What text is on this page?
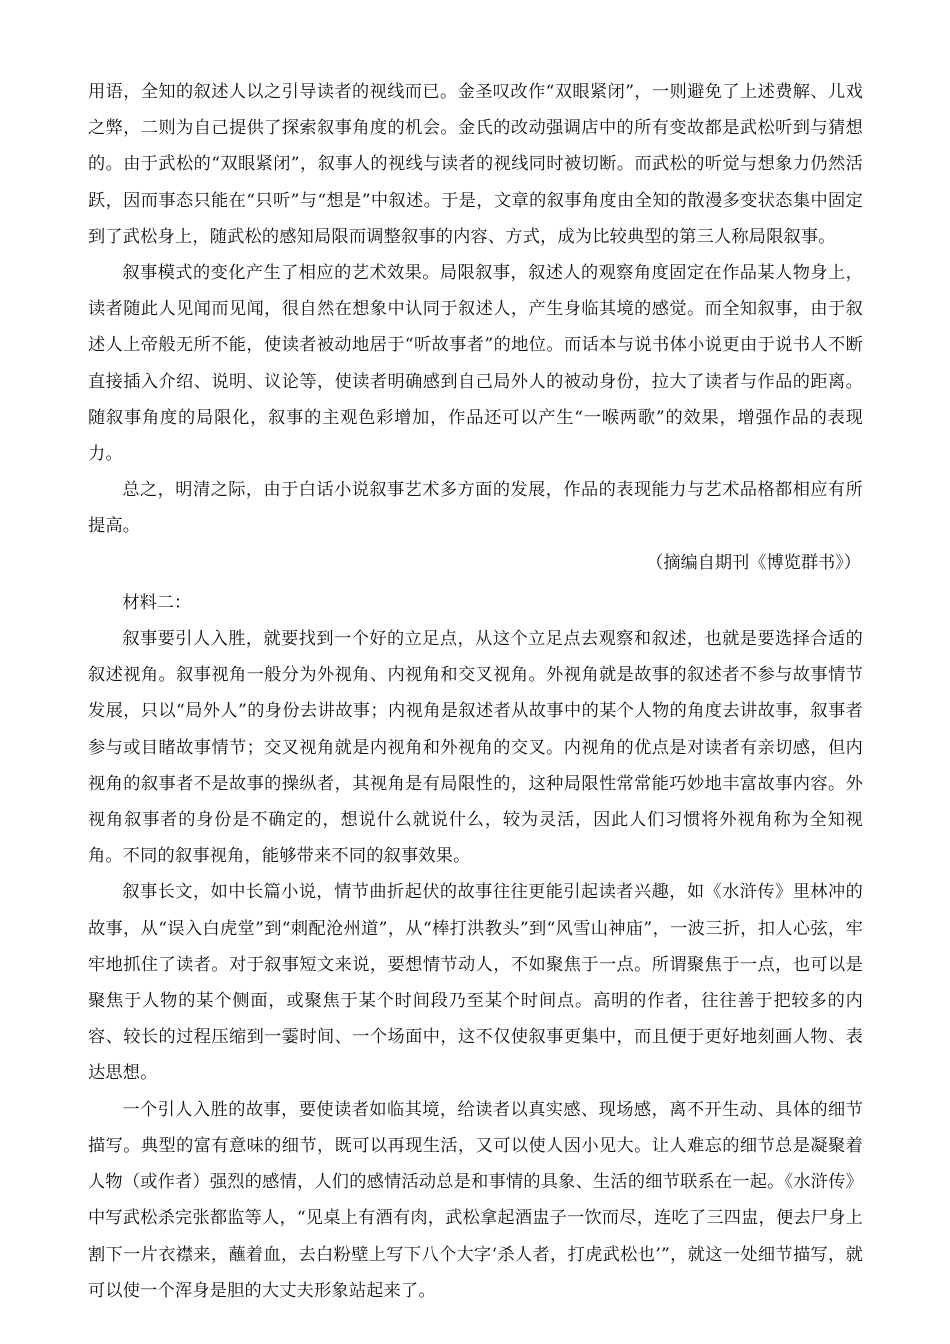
用语，全知的叙述人以之引导读者的视线而已。金圣叹改作“双眼紧闭”，一则避免了上述费解、儿戏之弊，二则为自己提供了探索叙事角度的机会。金氏的改动强调店中的所有变故都是武松听到与猜想的。由于武松的“双眼紧闭”，叙事人的视线与读者的视线同时被切断。而武松的听觉与想象力仍然活跃，因而事态只能在“只听”与“想是”中叙述。于是，文章的叙事角度由全知的散漫多变状态集中固定到了武松身上，随武松的感知局限而调整叙事的内容、方式，成为比较典型的第三人称局限叙事。

叙事模式的变化产生了相应的艺术效果。局限叙事，叙述人的观察角度固定在作品某人物身上，读者随此人见闻而见闻，很自然在想象中认同于叙述人，产生身临其境的感觉。而全知叙事，由于叙述人上帝般无所不能，使读者被动地居于“听故事者”的地位。而话本与说书体小说更由于说书人不断直接插入介绍、说明、议论等，使读者明确感到自己局外人的被动身份，拉大了读者与作品的距离。随叙事角度的局限化，叙事的主观色彩增加，作品还可以产生“一喉两歌”的效果，增强作品的表现力。

总之，明清之际，由于白话小说叙事艺术多方面的发展，作品的表现能力与艺术品格都相应有所提高。

（摘编自期刊《博览群书》）

材料二：

叙事要引人入胜，就要找到一个好的立足点，从这个立足点去观察和叙述，也就是要选择合适的叙述视角。叙事视角一般分为外视角、内视角和交叉视角。外视角就是故事的叙述者不参与故事情节发展，只以“局外人”的身份去讲故事；内视角是叙述者从故事中的某个人物的角度去讲故事，叙事者参与或目睹故事情节；交叉视角就是内视角和外视角的交叉。内视角的优点是对读者有亲切感，但内视角的叙事者不是故事的操纵者，其视角是有局限性的，这种局限性常常能巧妙地丰富故事内容。外视角叙事者的身份是不确定的，想说什么就说什么，较为灵活，因此人们习惯将外视角称为全知视角。不同的叙事视角，能够带来不同的叙事效果。

叙事长文，如中长篇小说，情节曲折起伏的故事往往更能引起读者兴趣，如《水浒传》里林冲的故事，从“误入白虎堂”到“刺配沧州道”，从“棒打洪教头”到“风雪山神庙”，一波三折，扣人心弦，牢牢地抓住了读者。对于叙事短文来说，要想情节动人，不如聚焦于一点。所谓聚焦于一点，也可以是聚焦于人物的某个侧面，或聚焦于某个时间段乃至某个时间点。高明的作者，往往善于把较多的内容、较长的过程压缩到一霎时间、一个场面中，这不仅使叙事更集中，而且便于更好地刻画人物、表达思想。

一个引人入胜的故事，要使读者如临其境，给读者以真实感、现场感，离不开生动、具体的细节描写。典型的富有意味的细节，既可以再现生活，又可以使人因小见大。让人难忘的细节总是凝聚着人物（或作者）强烈的感情，人们的感情活动总是和事情的具象、生活的细节联系在一起。《水浒传》中写武松杀完张都监等人，“见桌上有酒有肉，武松拿起酒盅子一饮而尽，连吃了三四盅，便去尸身上割下一片衣襟来，蘸着血，去白粉壁上写下八个大字‘杀人者，打虎武松也’”，就这一处细节描写，就可以使一个浑身是胆的大丈夫形象站起来了。
